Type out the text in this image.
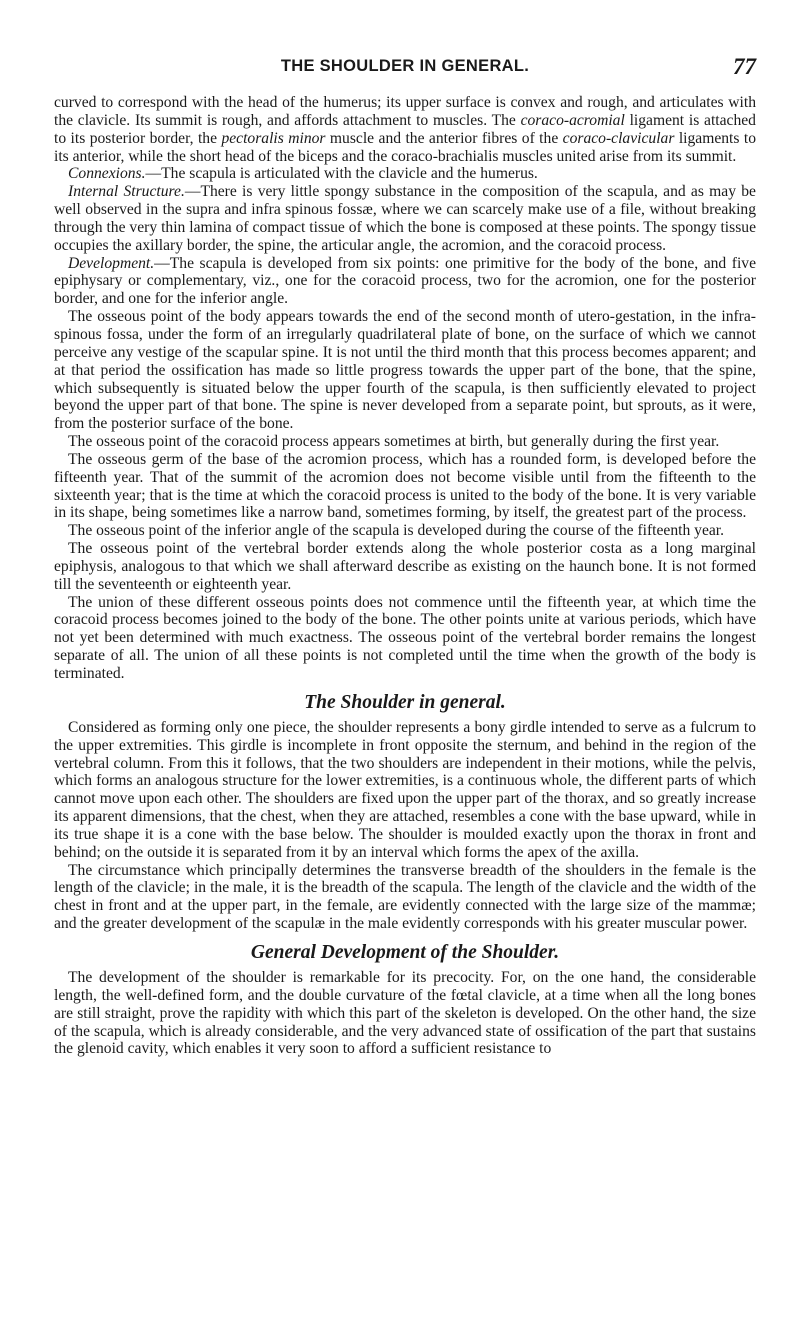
THE SHOULDER IN GENERAL.	77

curved to correspond with the head of the humerus; its upper surface is convex and rough, and articulates with the clavicle. Its summit is rough, and affords attachment to muscles. The coraco-acromial ligament is attached to its posterior border, the pectoralis minor muscle and the anterior fibres of the coraco-clavicular ligaments to its anterior, while the short head of the biceps and the coraco-brachialis muscles united arise from its summit.

Connexions.—The scapula is articulated with the clavicle and the humerus.

Internal Structure.—There is very little spongy substance in the composition of the scapula, and as may be well observed in the supra and infra spinous fossæ, where we can scarcely make use of a file, without breaking through the very thin lamina of compact tissue of which the bone is composed at these points. The spongy tissue occupies the axillary border, the spine, the articular angle, the acromion, and the coracoid process.

Development.—The scapula is developed from six points: one primitive for the body of the bone, and five epiphysary or complementary, viz., one for the coracoid process, two for the acromion, one for the posterior border, and one for the inferior angle.

The osseous point of the body appears towards the end of the second month of utero-gestation, in the infra-spinous fossa, under the form of an irregularly quadrilateral plate of bone, on the surface of which we cannot perceive any vestige of the scapular spine. It is not until the third month that this process becomes apparent; and at that period the ossification has made so little progress towards the upper part of the bone, that the spine, which subsequently is situated below the upper fourth of the scapula, is then sufficiently elevated to project beyond the upper part of that bone. The spine is never developed from a separate point, but sprouts, as it were, from the posterior surface of the bone.

The osseous point of the coracoid process appears sometimes at birth, but generally during the first year.

The osseous germ of the base of the acromion process, which has a rounded form, is developed before the fifteenth year. That of the summit of the acromion does not become visible until from the fifteenth to the sixteenth year; that is the time at which the coracoid process is united to the body of the bone. It is very variable in its shape, being sometimes like a narrow band, sometimes forming, by itself, the greatest part of the process.

The osseous point of the inferior angle of the scapula is developed during the course of the fifteenth year.

The osseous point of the vertebral border extends along the whole posterior costa as a long marginal epiphysis, analogous to that which we shall afterward describe as existing on the haunch bone. It is not formed till the seventeenth or eighteenth year.

The union of these different osseous points does not commence until the fifteenth year, at which time the coracoid process becomes joined to the body of the bone. The other points unite at various periods, which have not yet been determined with much exactness. The osseous point of the vertebral border remains the longest separate of all. The union of all these points is not completed until the time when the growth of the body is terminated.

The Shoulder in general.

Considered as forming only one piece, the shoulder represents a bony girdle intended to serve as a fulcrum to the upper extremities. This girdle is incomplete in front opposite the sternum, and behind in the region of the vertebral column. From this it follows, that the two shoulders are independent in their motions, while the pelvis, which forms an analogous structure for the lower extremities, is a continuous whole, the different parts of which cannot move upon each other. The shoulders are fixed upon the upper part of the thorax, and so greatly increase its apparent dimensions, that the chest, when they are attached, resembles a cone with the base upward, while in its true shape it is a cone with the base below. The shoulder is moulded exactly upon the thorax in front and behind; on the outside it is separated from it by an interval which forms the apex of the axilla.

The circumstance which principally determines the transverse breadth of the shoulders in the female is the length of the clavicle; in the male, it is the breadth of the scapula. The length of the clavicle and the width of the chest in front and at the upper part, in the female, are evidently connected with the large size of the mammæ; and the greater development of the scapulæ in the male evidently corresponds with his greater muscular power.

General Development of the Shoulder.

The development of the shoulder is remarkable for its precocity. For, on the one hand, the considerable length, the well-defined form, and the double curvature of the fœtal clavicle, at a time when all the long bones are still straight, prove the rapidity with which this part of the skeleton is developed. On the other hand, the size of the scapula, which is already considerable, and the very advanced state of ossification of the part that sustains the glenoid cavity, which enables it very soon to afford a sufficient resistance to
